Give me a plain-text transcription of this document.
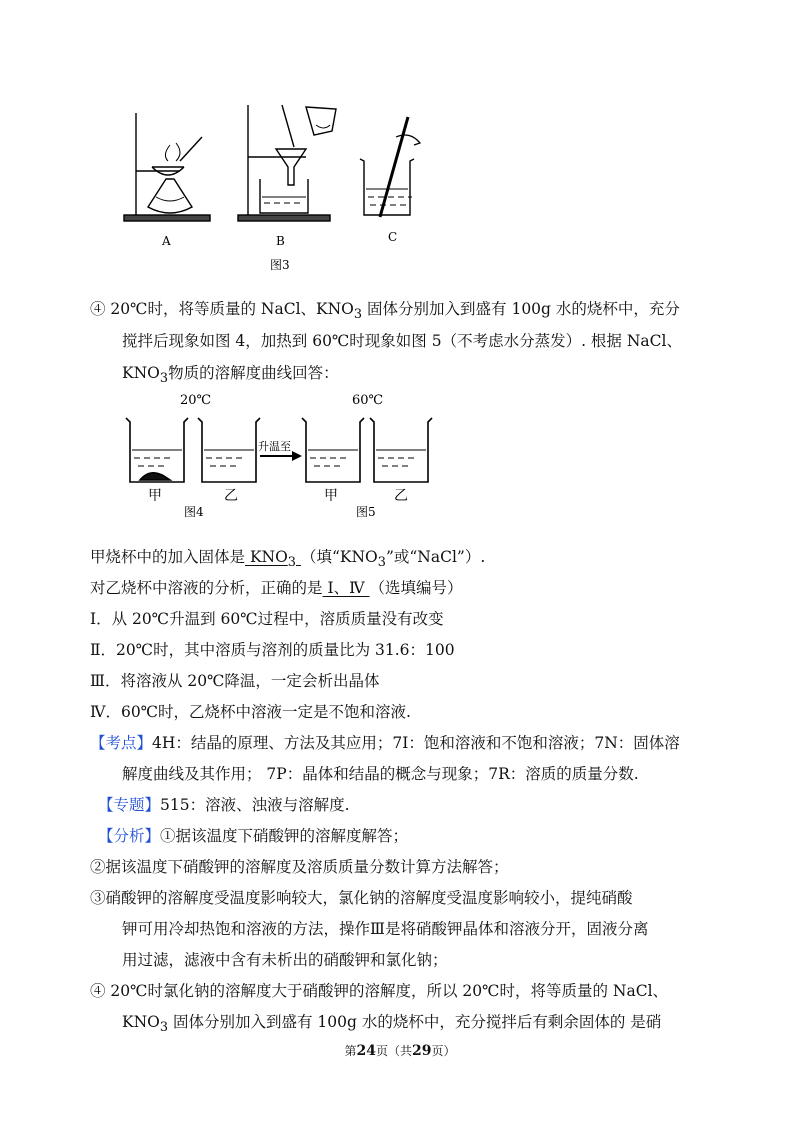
A	B	C
图3
④ 20℃时，将等质量的 NaCl、$KNO_3$ 固体分别加入到盛有 100g 水的烧杯中，充分
搅拌后现象如图 4，加热到 60℃时现象如图 5（不考虑水分蒸发）. 根据 NaCl、
$KNO_3$物质的溶解度曲线回答：
20℃	60℃
升温至
甲	乙	甲	乙
图4	图5
甲烧杯中的加入固体是 $KNO_3$ （填“$KNO_3$”或“NaCl”）.
对乙烧杯中溶液的分析，正确的是 Ⅰ、Ⅳ （选填编号）
Ⅰ．从 20℃升温到 60℃过程中，溶质质量没有改变
Ⅱ．20℃时，其中溶质与溶剂的质量比为 31.6：100
Ⅲ．将溶液从 20℃降温，一定会析出晶体
Ⅳ．60℃时，乙烧杯中溶液一定是不饱和溶液.
【考点】4H：结晶的原理、方法及其应用；7I：饱和溶液和不饱和溶液；7N：固体溶
解度曲线及其作用； 7P：晶体和结晶的概念与现象；7R：溶质的质量分数.
【专题】515：溶液、浊液与溶解度.
【分析】①据该温度下硝酸钾的溶解度解答；
②据该温度下硝酸钾的溶解度及溶质质量分数计算方法解答；
③硝酸钾的溶解度受温度影响较大，氯化钠的溶解度受温度影响较小，提纯硝酸
钾可用冷却热饱和溶液的方法，操作Ⅲ是将硝酸钾晶体和溶液分开，固液分离
用过滤，滤液中含有未析出的硝酸钾和氯化钠；
④ 20℃时氯化钠的溶解度大于硝酸钾的溶解度，所以 20℃时，将等质量的 NaCl、
$KNO_3$ 固体分别加入到盛有 100g 水的烧杯中，充分搅拌后有剩余固体的 是硝
第24页（共29页）
